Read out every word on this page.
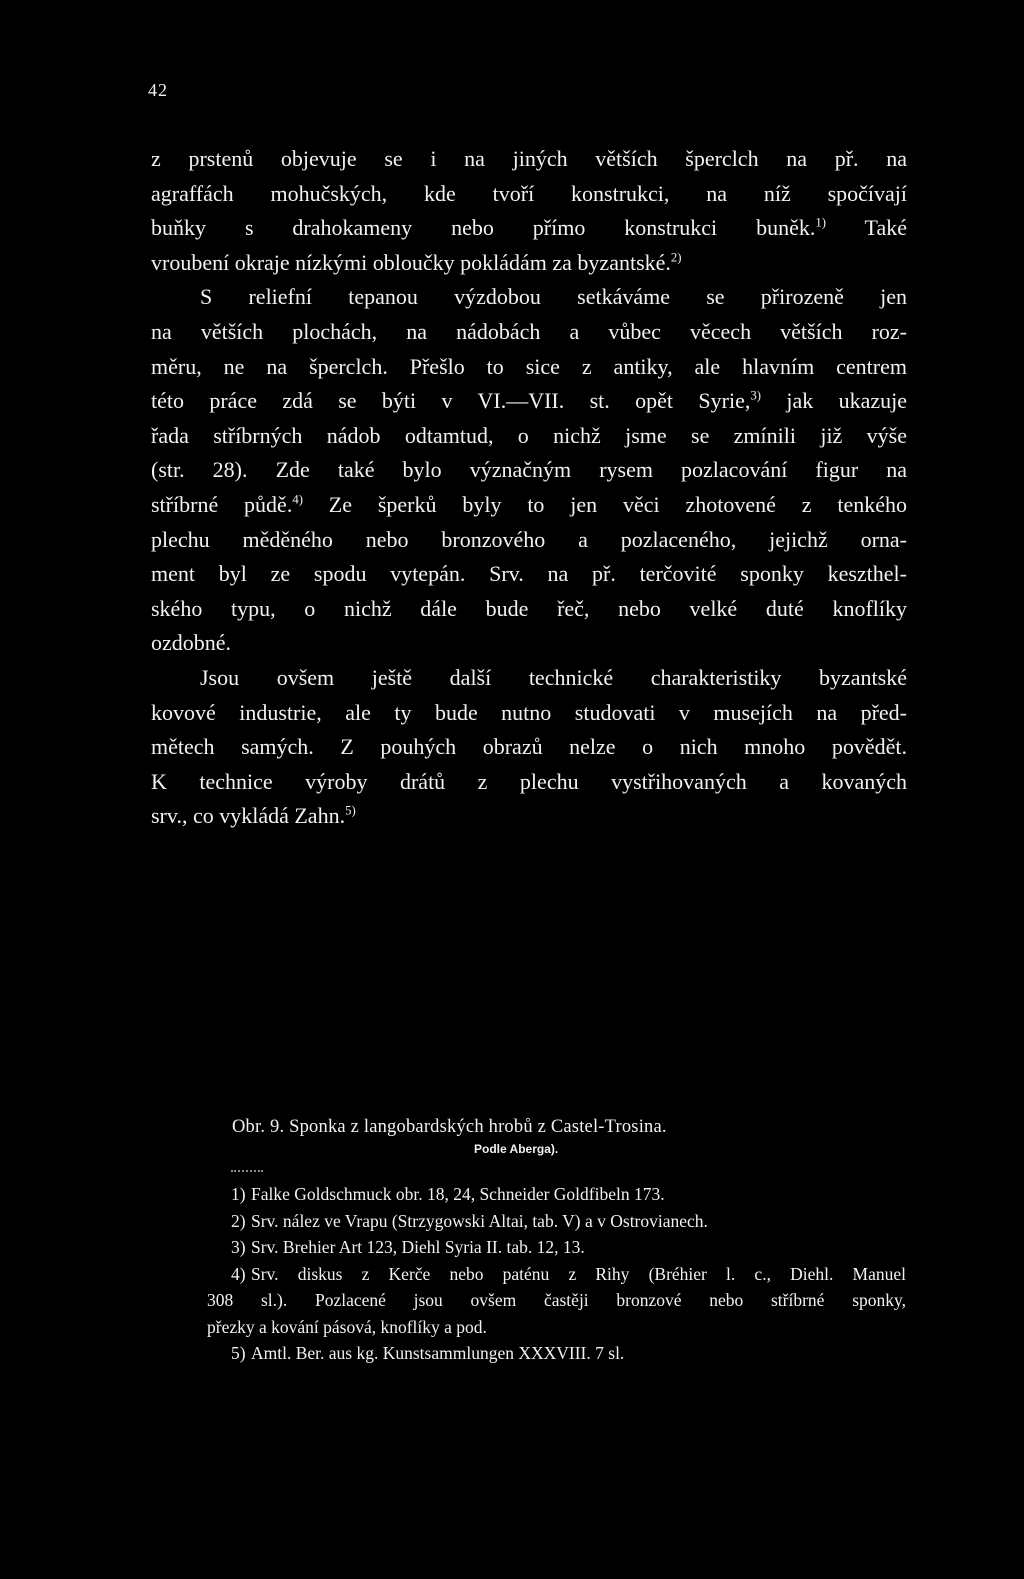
42

z prstenů objevuje se i na jiných větších šperclch na př. na

agraffách mohučských, kde tvoří konstrukci, na níž spočívají

buňky s drahokameny nebo přímo konstrukci buněk.$^{1)}$ Také

vroubení okraje nízkými obloučky pokládám za byzantské.$^{2)}$

S reliefní tepanou výzdobou setkáváme se přirozeně jen

na větších plochách, na nádobách a vůbec věcech větších roz-

měru, ne na šperclch. Přešlo to sice z antiky, ale hlavním centrem

této práce zdá se býti v VI.—VII. st. opět Syrie,$^{3)}$ jak ukazuje

řada stříbrných nádob odtamtud, o nichž jsme se zmínili již výše

(str. 28). Zde také bylo význačným rysem pozlacování figur na

stříbrné půdě.$^{4)}$ Ze šperků byly to jen věci zhotovené z tenkého

plechu měděného nebo bronzového a pozlaceného, jejichž orna-

ment byl ze spodu vytepán. Srv. na př. terčovité sponky keszthel-

ského typu, o nichž dále bude řeč, nebo velké duté knoflíky

ozdobné.

Jsou ovšem ještě další technické charakteristiky byzantské

kovové industrie, ale ty bude nutno studovati v musejích na před-

mětech samých. Z pouhých obrazů nelze o nich mnoho povědět.

K technice výroby drátů z plechu vystřihovaných a kovaných

srv., co vykládá Zahn.$^{5)}$

Obr. 9. Sponka z langobardských hrobů z Castel-Trosina.
Podle Aberga).

1) Falke Goldschmuck obr. 18, 24, Schneider Goldfibeln 173.

2) Srv. nález ve Vrapu (Strzygowski Altai, tab. V) a v Ostrovianech.

3) Srv. Brehier Art 123, Diehl Syria II. tab. 12, 13.

4) Srv. diskus z Kerče nebo paténu z Rihy (Bréhier l. c., Diehl. Manuel
308 sl.). Pozlacené jsou ovšem častěji bronzové nebo stříbrné sponky,
přezky a kování pásová, knoflíky a pod.

5) Amtl. Ber. aus kg. Kunstsammlungen XXXVIII. 7 sl.
